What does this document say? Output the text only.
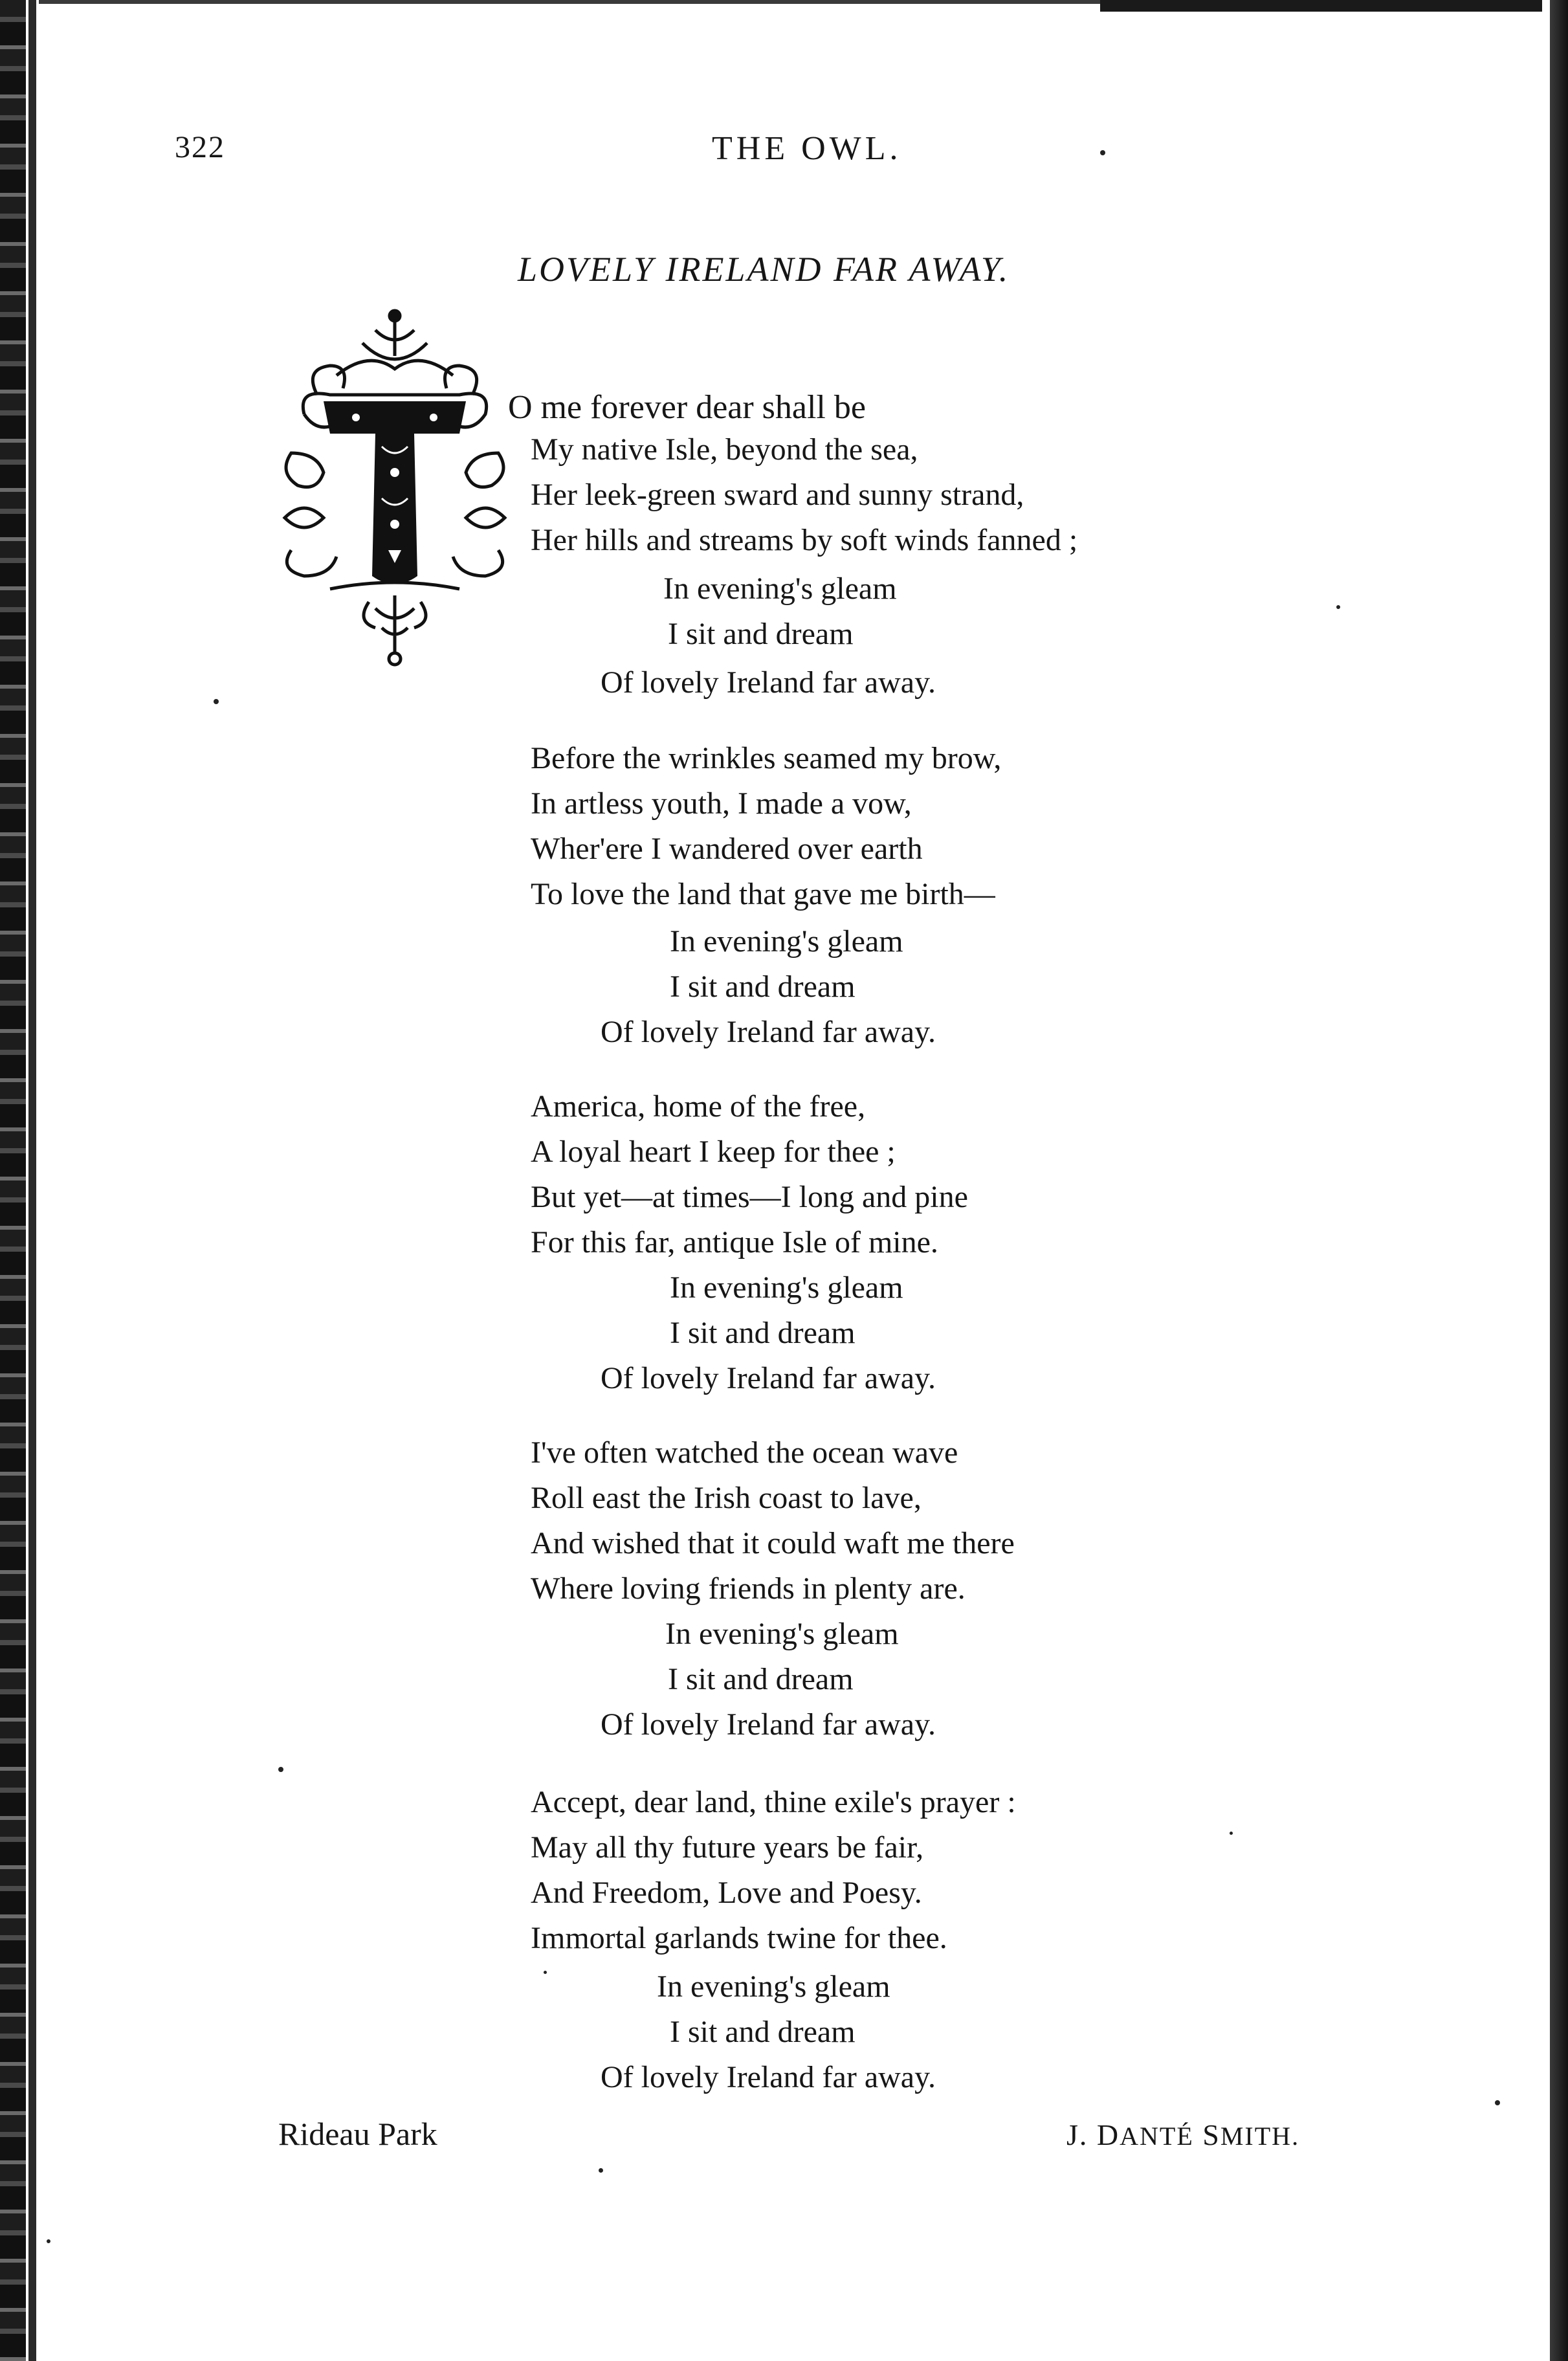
322	THE OWL.
LOVELY IRELAND FAR AWAY.
O me forever dear shall be
My native Isle, beyond the sea,
Her leek-green sward and sunny strand,
Her hills and streams by soft winds fanned ;
In evening's gleam
I sit and dream
Of lovely Ireland far away.
Before the wrinkles seamed my brow,
In artless youth, I made a vow,
Wher'ere I wandered over earth
To love the land that gave me birth—
In evening's gleam
I sit and dream
Of lovely Ireland far away.
America, home of the free,
A loyal heart I keep for thee ;
But yet—at times—I long and pine
For this far, antique Isle of mine.
In evening's gleam
I sit and dream
Of lovely Ireland far away.
I've often watched the ocean wave
Roll east the Irish coast to lave,
And wished that it could waft me there
Where loving friends in plenty are.
In evening's gleam
I sit and dream
Of lovely Ireland far away.
Accept, dear land, thine exile's prayer :
May all thy future years be fair,
And Freedom, Love and Poesy.
Immortal garlands twine for thee.
In evening's gleam
I sit and dream
Of lovely Ireland far away.
Rideau Park	J. DANTÉ SMITH.
